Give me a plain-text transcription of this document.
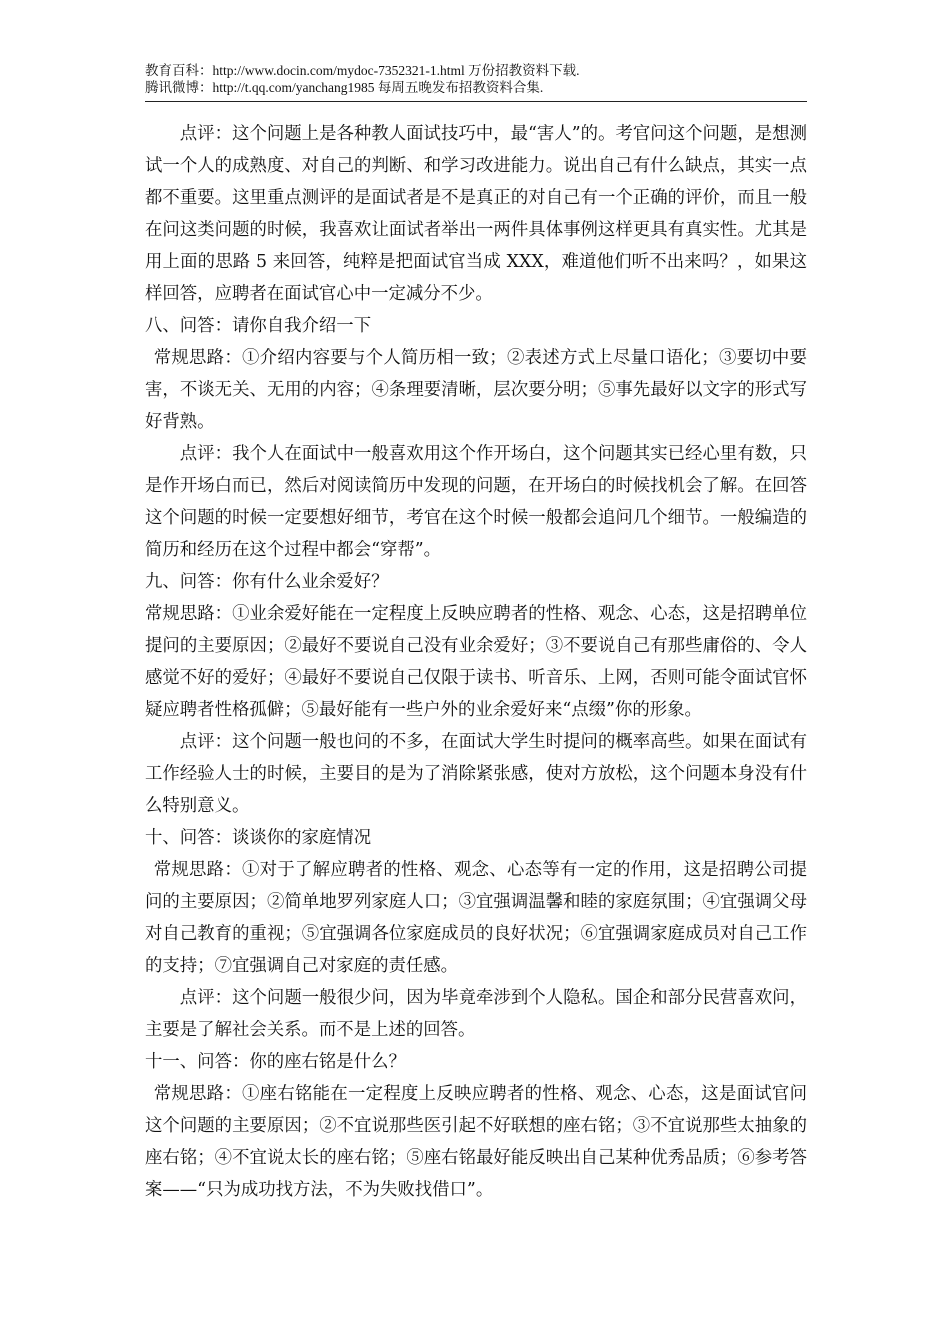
教育百科：http://www.docin.com/mydoc-7352321-1.html 万份招教资料下载.
腾讯微博：http://t.qq.com/yanchang1985 每周五晚发布招教资料合集.

点评：这个问题上是各种教人面试技巧中，最“害人”的。考官问这个问题，是想测试一个人的成熟度、对自己的判断、和学习改进能力。说出自己有什么缺点，其实一点都不重要。这里重点测评的是面试者是不是真正的对自己有一个正确的评价，而且一般在问这类问题的时候，我喜欢让面试者举出一两件具体事例这样更具有真实性。尤其是用上面的思路 5 来回答，纯粹是把面试官当成 XXX，难道他们听不出来吗？，如果这样回答，应聘者在面试官心中一定减分不少。

八、问答：请你自我介绍一下

常规思路：①介绍内容要与个人简历相一致；②表述方式上尽量口语化；③要切中要害，不谈无关、无用的内容；④条理要清晰，层次要分明；⑤事先最好以文字的形式写好背熟。

点评：我个人在面试中一般喜欢用这个作开场白，这个问题其实已经心里有数，只是作开场白而已，然后对阅读简历中发现的问题，在开场白的时候找机会了解。在回答这个问题的时候一定要想好细节，考官在这个时候一般都会追问几个细节。一般编造的简历和经历在这个过程中都会“穿帮”。

九、问答：你有什么业余爱好？

常规思路：①业余爱好能在一定程度上反映应聘者的性格、观念、心态，这是招聘单位提问的主要原因；②最好不要说自己没有业余爱好；③不要说自己有那些庸俗的、令人感觉不好的爱好；④最好不要说自己仅限于读书、听音乐、上网，否则可能令面试官怀疑应聘者性格孤僻；⑤最好能有一些户外的业余爱好来“点缀”你的形象。

点评：这个问题一般也问的不多，在面试大学生时提问的概率高些。如果在面试有工作经验人士的时候，主要目的是为了消除紧张感，使对方放松，这个问题本身没有什么特别意义。

十、问答：谈谈你的家庭情况

常规思路：①对于了解应聘者的性格、观念、心态等有一定的作用，这是招聘公司提问的主要原因；②简单地罗列家庭人口；③宜强调温馨和睦的家庭氛围；④宜强调父母对自己教育的重视；⑤宜强调各位家庭成员的良好状况；⑥宜强调家庭成员对自己工作的支持；⑦宜强调自己对家庭的责任感。

点评：这个问题一般很少问，因为毕竟牵涉到个人隐私。国企和部分民营喜欢问，主要是了解社会关系。而不是上述的回答。

十一、问答：你的座右铭是什么？

常规思路：①座右铭能在一定程度上反映应聘者的性格、观念、心态，这是面试官问这个问题的主要原因；②不宜说那些医引起不好联想的座右铭；③不宜说那些太抽象的座右铭；④不宜说太长的座右铭；⑤座右铭最好能反映出自己某种优秀品质；⑥参考答案——“只为成功找方法，不为失败找借口”。
